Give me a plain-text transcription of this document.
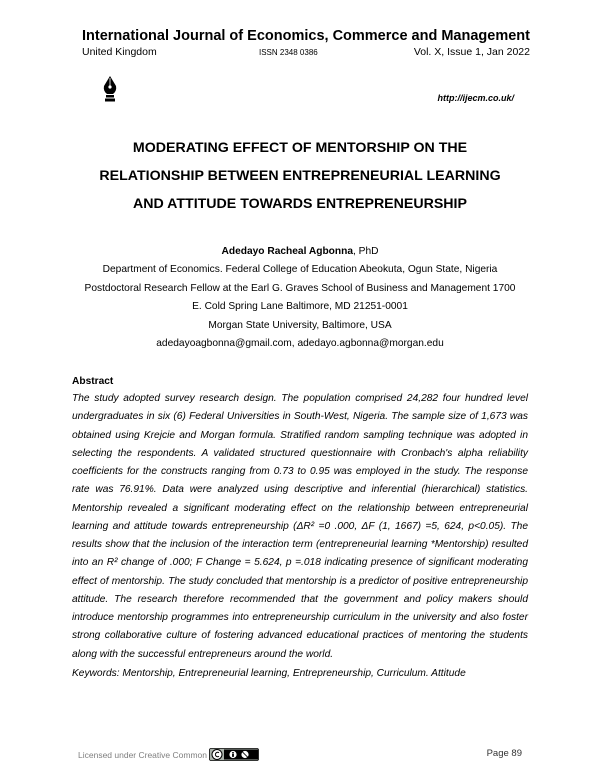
International Journal of Economics, Commerce and Management
United Kingdom	ISSN 2348 0386	Vol. X, Issue 1, Jan 2022
http://ijecm.co.uk/
MODERATING EFFECT OF MENTORSHIP ON THE
RELATIONSHIP BETWEEN ENTREPRENEURIAL LEARNING
AND ATTITUDE TOWARDS ENTREPRENEURSHIP
Adedayo Racheal Agbonna, PhD
Department of Economics. Federal College of Education Abeokuta, Ogun State, Nigeria
Postdoctoral Research Fellow at the Earl G. Graves School of Business and Management 1700
E. Cold Spring Lane Baltimore, MD 21251-0001
Morgan State University, Baltimore, USA
adedayoagbonna@gmail.com, adedayo.agbonna@morgan.edu
Abstract
The study adopted survey research design. The population comprised 24,282 four hundred level undergraduates in six (6) Federal Universities in South-West, Nigeria. The sample size of 1,673 was obtained using Krejcie and Morgan formula. Stratified random sampling technique was adopted in selecting the respondents. A validated structured questionnaire with Cronbach's alpha reliability coefficients for the constructs ranging from 0.73 to 0.95 was employed in the study. The response rate was 76.91%. Data were analyzed using descriptive and inferential (hierarchical) statistics. Mentorship revealed a significant moderating effect on the relationship between entrepreneurial learning and attitude towards entrepreneurship (ΔR² =0 .000, ΔF (1, 1667) =5, 624, p<0.05). The results show that the inclusion of the interaction term (entrepreneurial learning *Mentorship) resulted into an R² change of .000; F Change = 5.624, p =.018 indicating presence of significant moderating effect of mentorship. The study concluded that mentorship is a predictor of positive entrepreneurship attitude. The research therefore recommended that the government and policy makers should introduce mentorship programmes into entrepreneurship curriculum in the university and also foster strong collaborative culture of fostering advanced educational practices of mentoring the students along with the successful entrepreneurs around the world.
Keywords: Mentorship, Entrepreneurial learning, Entrepreneurship, Curriculum. Attitude
Licensed under Creative Common	Page 89
